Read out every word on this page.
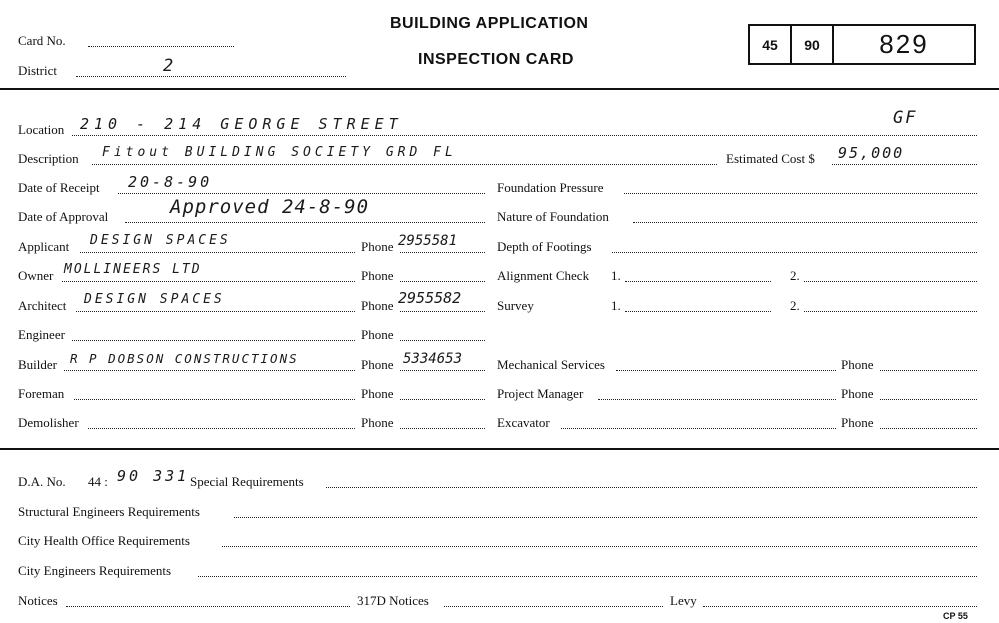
Card No.
District	2
BUILDING APPLICATION
INSPECTION CARD
45 90 829
Location 210 - 214 GEORGE STREET	GF
Description Fitout BUILDING SOCIETY GRD FL	Estimated Cost $ 95,000
Date of Receipt 20-8-90
Date of Approval	Approved 24-8-90
Applicant DESIGN SPACES	Phone 2955581
Owner MOLLINEERS LTD	Phone
Architect DESIGN SPACES	Phone 2955582
Engineer	Phone
Builder R P DOBSON CONSTRUCTIONS	Phone 5334653
Foreman	Phone
Demolisher	Phone
Foundation Pressure
Nature of Foundation
Depth of Footings
Alignment Check 1.	2.
Survey	1.	2.
Mechanical Services	Phone
Project Manager	Phone
Excavator	Phone
D.A. No. 44 : 90 331 Special Requirements
Structural Engineers Requirements
City Health Office Requirements
City Engineers Requirements
Notices	317D Notices	Levy
CP 55
